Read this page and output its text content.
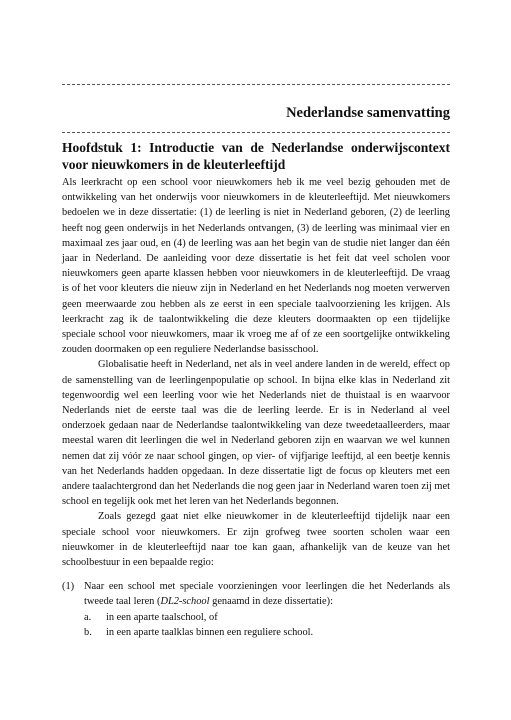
Nederlandse samenvatting
Hoofdstuk 1: Introductie van de Nederlandse onderwijscontext voor nieuwkomers in de kleuterleeftijd

Als leerkracht op een school voor nieuwkomers heb ik me veel bezig gehouden met de ontwikkeling van het onderwijs voor nieuwkomers in de kleuterleeftijd. Met nieuwkomers bedoelen we in deze dissertatie: (1) de leerling is niet in Nederland geboren, (2) de leerling heeft nog geen onderwijs in het Nederlands ontvangen, (3) de leerling was minimaal vier en maximaal zes jaar oud, en (4) de leerling was aan het begin van de studie niet langer dan één jaar in Nederland. De aanleiding voor deze dissertatie is het feit dat veel scholen voor nieuwkomers geen aparte klassen hebben voor nieuwkomers in de kleuterleeftijd. De vraag is of het voor kleuters die nieuw zijn in Nederland en het Nederlands nog moeten verwerven geen meerwaarde zou hebben als ze eerst in een speciale taalvoorziening les krijgen. Als leerkracht zag ik de taalontwikkeling die deze kleuters doormaakten op een tijdelijke speciale school voor nieuwkomers, maar ik vroeg me af of ze een soortgelijke ontwikkeling zouden doormaken op een reguliere Nederlandse basisschool.

Globalisatie heeft in Nederland, net als in veel andere landen in de wereld, effect op de samenstelling van de leerlingenpopulatie op school. In bijna elke klas in Nederland zit tegenwoordig wel een leerling voor wie het Nederlands niet de thuistaal is en waarvoor Nederlands niet de eerste taal was die de leerling leerde. Er is in Nederland al veel onderzoek gedaan naar de Nederlandse taalontwikkeling van deze tweedetaalleerders, maar meestal waren dit leerlingen die wel in Nederland geboren zijn en waarvan we wel kunnen nemen dat zij vóór ze naar school gingen, op vier- of vijfjarige leeftijd, al een beetje kennis van het Nederlands hadden opgedaan. In deze dissertatie ligt de focus op kleuters met een andere taalachtergrond dan het Nederlands die nog geen jaar in Nederland waren toen zij met school en tegelijk ook met het leren van het Nederlands begonnen.

Zoals gezegd gaat niet elke nieuwkomer in de kleuterleeftijd tijdelijk naar een speciale school voor nieuwkomers. Er zijn grofweg twee soorten scholen waar een nieuwkomer in de kleuterleeftijd naar toe kan gaan, afhankelijk van de keuze van het schoolbestuur in een bepaalde regio:

(1) Naar een school met speciale voorzieningen voor leerlingen die het Nederlands als tweede taal leren (DL2-school genaamd in deze dissertatie):
a.	in een aparte taalschool, of
b.	in een aparte taalklas binnen een reguliere school.
